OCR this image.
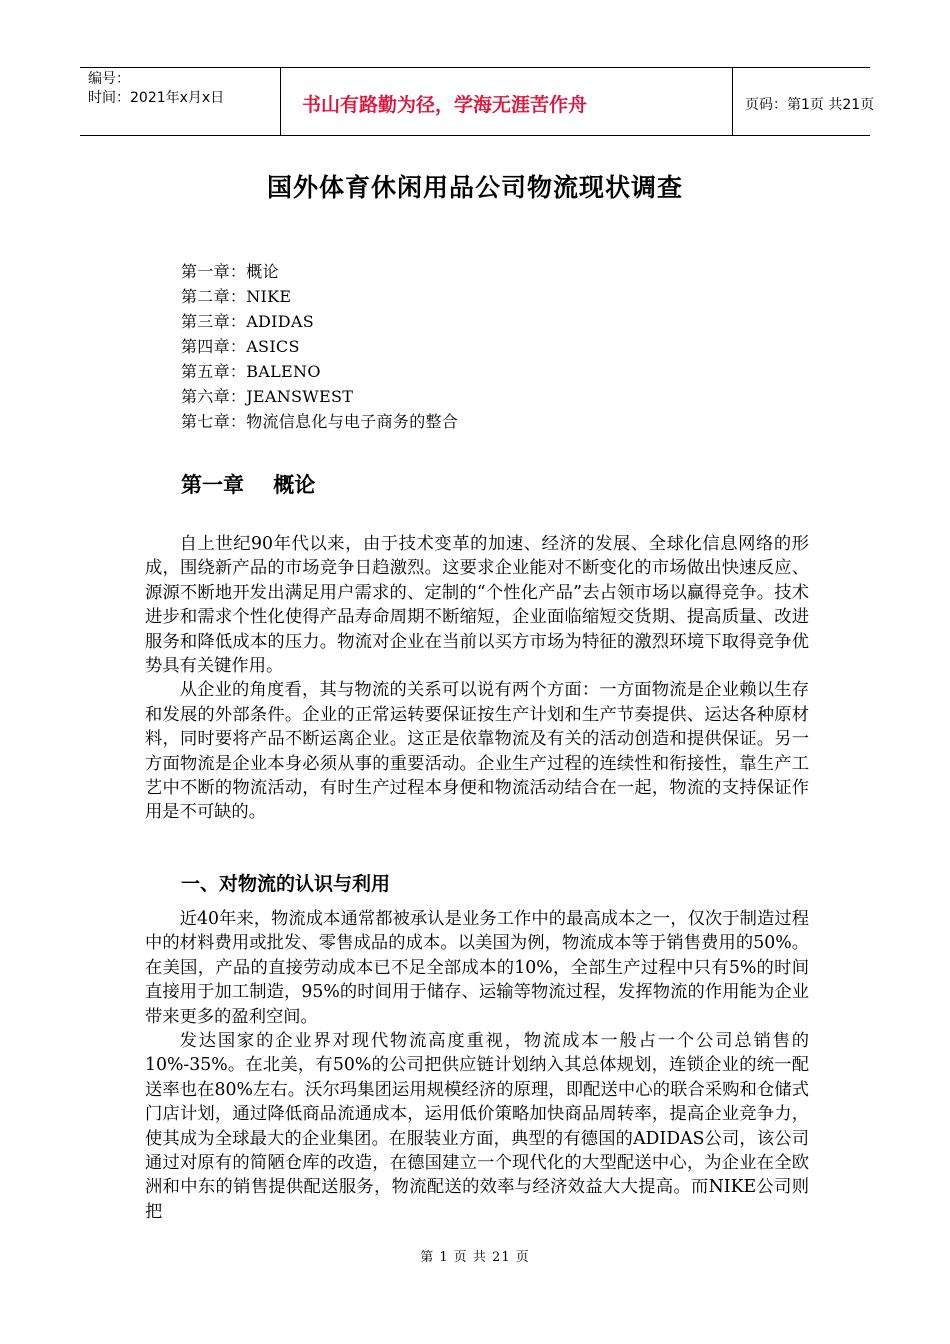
编号：
时间：2021年x月x日	书山有路勤为径，学海无涯苦作舟	页码：第1页 共21页
国外体育休闲用品公司物流现状调查
第一章：概论
第二章：NIKE
第三章：ADIDAS
第四章：ASICS
第五章：BALENO
第六章：JEANSWEST
第七章：物流信息化与电子商务的整合
第一章    概论

自上世纪90年代以来，由于技术变革的加速、经济的发展、全球化信息网络的形成，围绕新产品的市场竞争日趋激烈。这要求企业能对不断变化的市场做出快速反应、源源不断地开发出满足用户需求的、定制的“个性化产品”去占领市场以赢得竞争。技术进步和需求个性化使得产品寿命周期不断缩短，企业面临缩短交货期、提高质量、改进服务和降低成本的压力。物流对企业在当前以买方市场为特征的激烈环境下取得竞争优势具有关键作用。

从企业的角度看，其与物流的关系可以说有两个方面：一方面物流是企业赖以生存和发展的外部条件。企业的正常运转要保证按生产计划和生产节奏提供、运达各种原材料，同时要将产品不断运离企业。这正是依靠物流及有关的活动创造和提供保证。另一方面物流是企业本身必须从事的重要活动。企业生产过程的连续性和衔接性，靠生产工艺中不断的物流活动，有时生产过程本身便和物流活动结合在一起，物流的支持保证作用是不可缺的。

一、对物流的认识与利用

近40年来，物流成本通常都被承认是业务工作中的最高成本之一，仅次于制造过程中的材料费用或批发、零售成品的成本。以美国为例，物流成本等于销售费用的50%。在美国，产品的直接劳动成本已不足全部成本的10%，全部生产过程中只有5%的时间直接用于加工制造，95%的时间用于储存、运输等物流过程，发挥物流的作用能为企业带来更多的盈利空间。

发达国家的企业界对现代物流高度重视，物流成本一般占一个公司总销售的10%-35%。在北美，有50%的公司把供应链计划纳入其总体规划，连锁企业的统一配送率也在80%左右。沃尔玛集团运用规模经济的原理，即配送中心的联合采购和仓储式门店计划，通过降低商品流通成本，运用低价策略加快商品周转率，提高企业竞争力，使其成为全球最大的企业集团。在服装业方面，典型的有德国的ADIDAS公司，该公司通过对原有的简陋仓库的改造，在德国建立一个现代化的大型配送中心，为企业在全欧洲和中东的销售提供配送服务，物流配送的效率与经济效益大大提高。而NIKE公司则把

第 1 页 共 21 页
